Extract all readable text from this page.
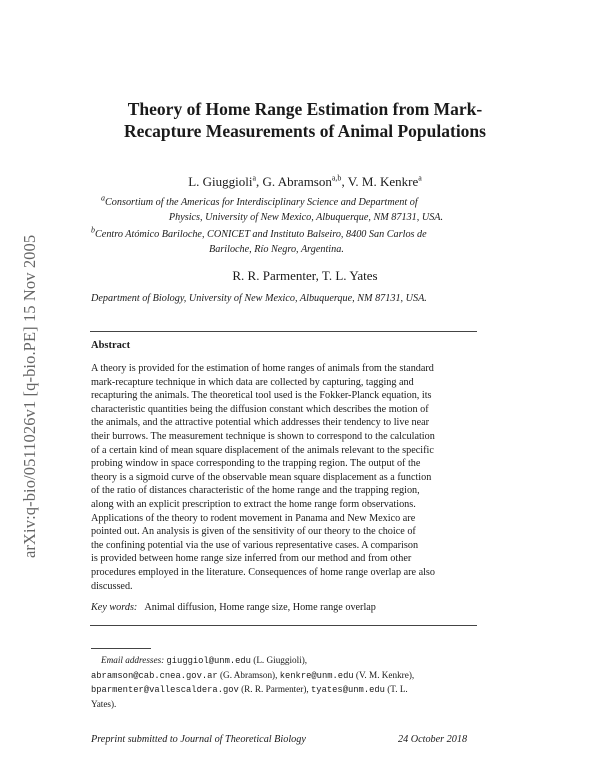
arXiv:q-bio/0511026v1 [q-bio.PE] 15 Nov 2005
Theory of Home Range Estimation from Mark-
Recapture Measurements of Animal Populations
L. Giuggioli$^a$, G. Abramson$^{a,b}$, V. M. Kenkre$^a$
$^a$Consortium of the Americas for Interdisciplinary Science and Department of
Physics, University of New Mexico, Albuquerque, NM 87131, USA.
$^b$Centro Atómico Bariloche, CONICET and Instituto Balseiro, 8400 San Carlos de
Bariloche, Río Negro, Argentina.
R. R. Parmenter, T. L. Yates
Department of Biology, University of New Mexico, Albuquerque, NM 87131, USA.
Abstract
A theory is provided for the estimation of home ranges of animals from the standard
mark-recapture technique in which data are collected by capturing, tagging and
recapturing the animals. The theoretical tool used is the Fokker-Planck equation, its
characteristic quantities being the diffusion constant which describes the motion of
the animals, and the attractive potential which addresses their tendency to live near
their burrows. The measurement technique is shown to correspond to the calculation
of a certain kind of mean square displacement of the animals relevant to the specific
probing window in space corresponding to the trapping region. The output of the
theory is a sigmoid curve of the observable mean square displacement as a function
of the ratio of distances characteristic of the home range and the trapping region,
along with an explicit prescription to extract the home range form observations.
Applications of the theory to rodent movement in Panama and New Mexico are
pointed out. An analysis is given of the sensitivity of our theory to the choice of
the confining potential via the use of various representative cases. A comparison
is provided between home range size inferred from our method and from other
procedures employed in the literature. Consequences of home range overlap are also
discussed.
Key words: Animal diffusion, Home range size, Home range overlap
Email addresses: giuggiol@unm.edu (L. Giuggioli),
abramson@cab.cnea.gov.ar (G. Abramson), kenkre@unm.edu (V. M. Kenkre),
bparmenter@vallescaldera.gov (R. R. Parmenter), tyates@unm.edu (T. L.
Yates).
Preprint submitted to Journal of Theoretical Biology	24 October 2018
